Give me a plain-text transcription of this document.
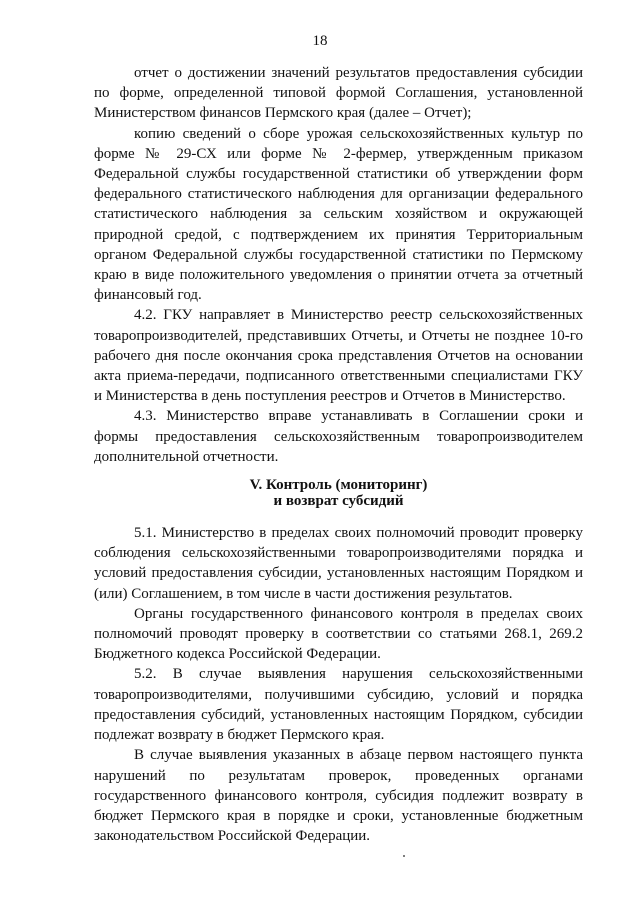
18

отчет о достижении значений результатов предоставления субсидии по форме, определенной типовой формой Соглашения, установленной Министерством финансов Пермского края (далее – Отчет);

копию сведений о сборе урожая сельскохозяйственных культур по форме № 29-СХ или форме № 2-фермер, утвержденным приказом Федеральной службы государственной статистики об утверждении форм федерального статистического наблюдения для организации федерального статистического наблюдения за сельским хозяйством и окружающей природной средой, с подтверждением их принятия Территориальным органом Федеральной службы государственной статистики по Пермскому краю в виде положительного уведомления о принятии отчета за отчетный финансовый год.

4.2. ГКУ направляет в Министерство реестр сельскохозяйственных товаропроизводителей, представивших Отчеты, и Отчеты не позднее 10-го рабочего дня после окончания срока представления Отчетов на основании акта приема-передачи, подписанного ответственными специалистами ГКУ и Министерства в день поступления реестров и Отчетов в Министерство.

4.3. Министерство вправе устанавливать в Соглашении сроки и формы предоставления сельскохозяйственным товаропроизводителем дополнительной отчетности.

V. Контроль (мониторинг)
и возврат субсидий

5.1. Министерство в пределах своих полномочий проводит проверку соблюдения сельскохозяйственными товаропроизводителями порядка и условий предоставления субсидии, установленных настоящим Порядком и (или) Соглашением, в том числе в части достижения результатов.

Органы государственного финансового контроля в пределах своих полномочий проводят проверку в соответствии со статьями 268.1, 269.2 Бюджетного кодекса Российской Федерации.

5.2. В случае выявления нарушения сельскохозяйственными товаропроизводителями, получившими субсидию, условий и порядка предоставления субсидий, установленных настоящим Порядком, субсидии подлежат возврату в бюджет Пермского края.

В случае выявления указанных в абзаце первом настоящего пункта нарушений по результатам проверок, проведенных органами государственного финансового контроля, субсидия подлежит возврату в бюджет Пермского края в порядке и сроки, установленные бюджетным законодательством Российской Федерации.
